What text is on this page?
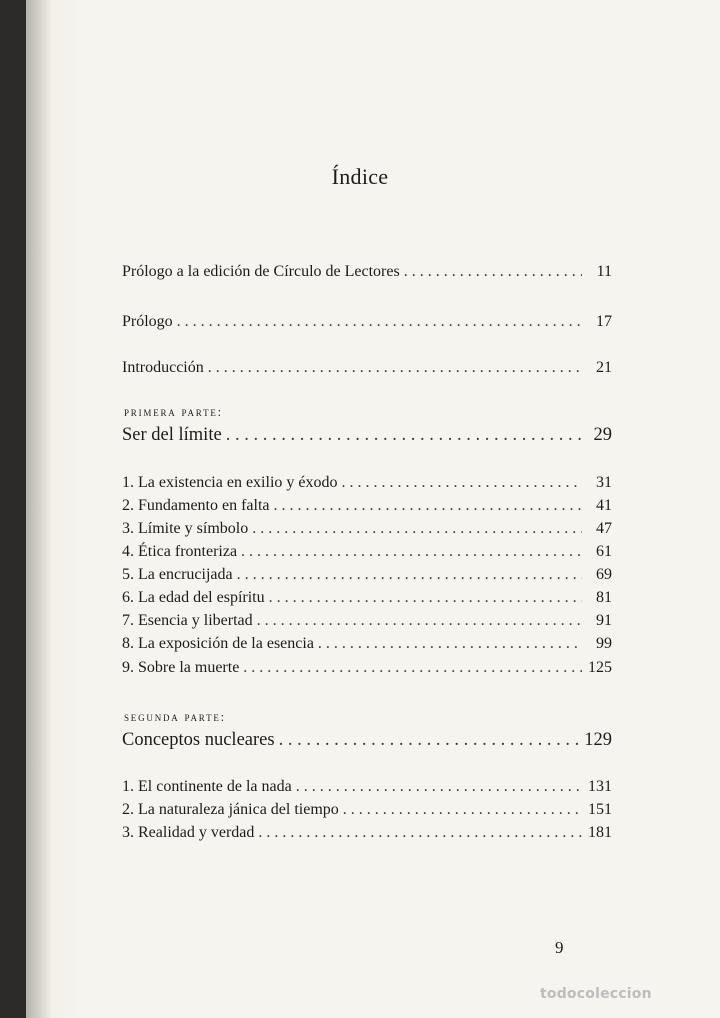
Índice
Prólogo a la edición de Círculo de Lectores . . .	11
Prólogo . . .	17
Introducción . . .	21
primera parte:
Ser del límite . . .	29
1. La existencia en exilio y éxodo . . .	31
2. Fundamento en falta . . .	41
3. Límite y símbolo . . .	47
4. Ética fronteriza . . .	61
5. La encrucijada . . .	69
6. La edad del espíritu . . .	81
7. Esencia y libertad . . .	91
8. La exposición de la esencia . . .	99
9. Sobre la muerte . . .	125
segunda parte:
Conceptos nucleares . . .	129
1. El continente de la nada . . .	131
2. La naturaleza jánica del tiempo . . .	151
3. Realidad y verdad . . .	181
9
todocoleccion
